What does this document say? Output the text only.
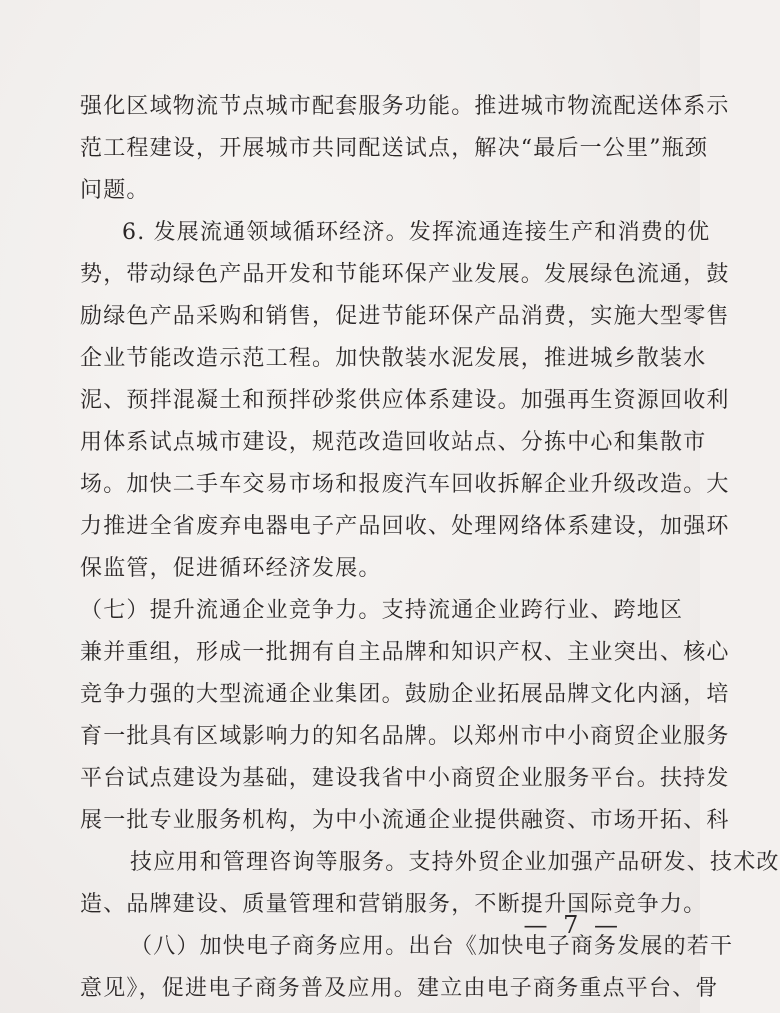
强化区域物流节点城市配套服务功能。推进城市物流配送体系示
范工程建设，开展城市共同配送试点，解决“最后一公里”瓶颈
问题。
6. 发展流通领域循环经济。发挥流通连接生产和消费的优
势，带动绿色产品开发和节能环保产业发展。发展绿色流通，鼓
励绿色产品采购和销售，促进节能环保产品消费，实施大型零售
企业节能改造示范工程。加快散装水泥发展，推进城乡散装水
泥、预拌混凝土和预拌砂浆供应体系建设。加强再生资源回收利
用体系试点城市建设，规范改造回收站点、分拣中心和集散市
场。加快二手车交易市场和报废汽车回收拆解企业升级改造。大
力推进全省废弃电器电子产品回收、处理网络体系建设，加强环
保监管，促进循环经济发展。
（七）提升流通企业竞争力。支持流通企业跨行业、跨地区
兼并重组，形成一批拥有自主品牌和知识产权、主业突出、核心
竞争力强的大型流通企业集团。鼓励企业拓展品牌文化内涵，培
育一批具有区域影响力的知名品牌。以郑州市中小商贸企业服务
平台试点建设为基础，建设我省中小商贸企业服务平台。扶持发
展一批专业服务机构，为中小流通企业提供融资、市场开拓、科
技应用和管理咨询等服务。支持外贸企业加强产品研发、技术改
造、品牌建设、质量管理和营销服务，不断提升国际竞争力。
（八）加快电子商务应用。出台《加快电子商务发展的若干
意见》，促进电子商务普及应用。建立由电子商务重点平台、骨
— 7 —
